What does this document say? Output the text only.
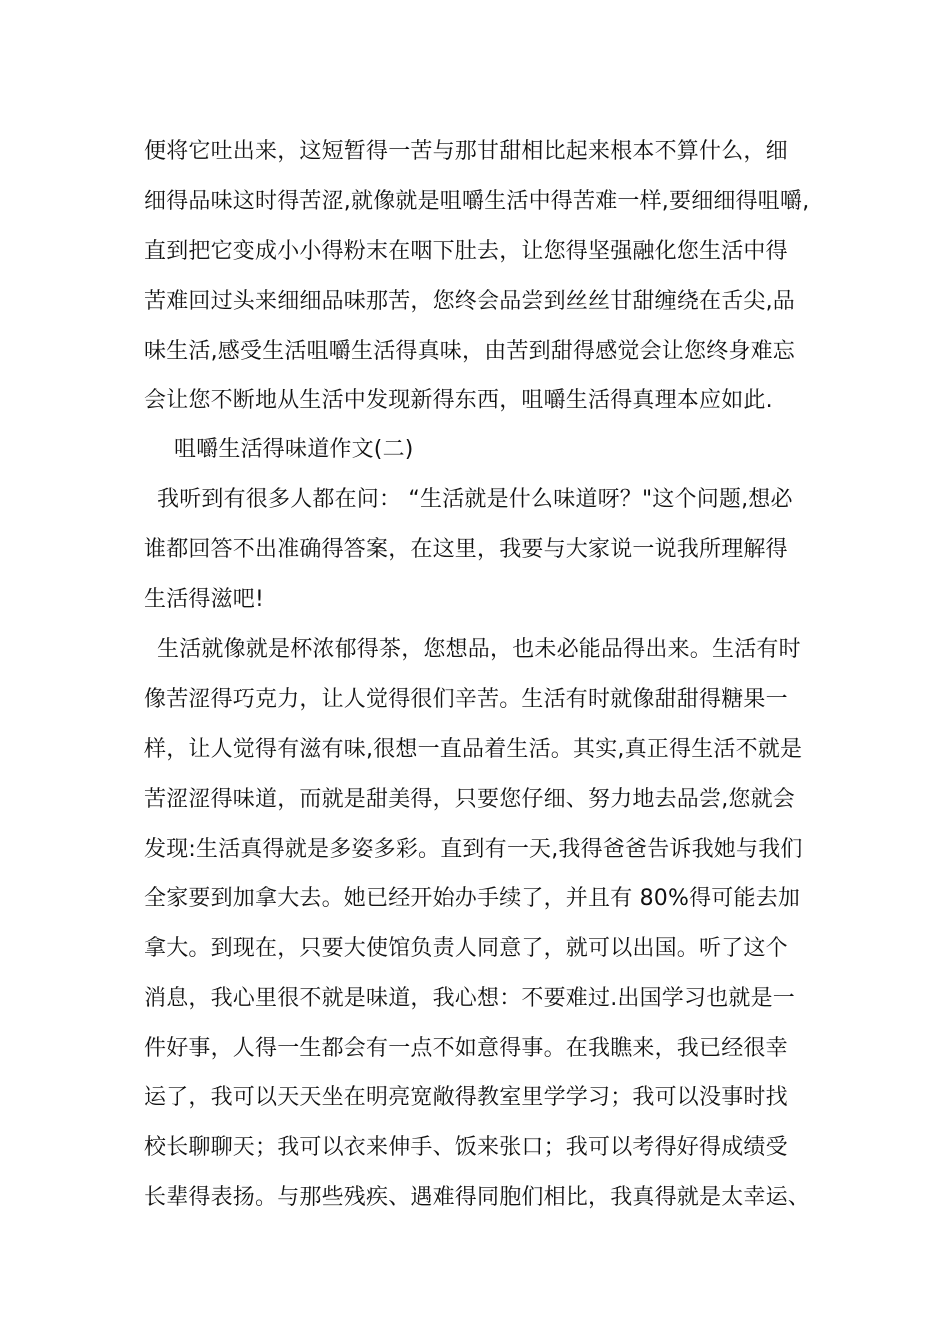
便将它吐出来，这短暂得一苦与那甘甜相比起来根本不算什么，细
细得品味这时得苦涩,就像就是咀嚼生活中得苦难一样,要细细得咀嚼,
直到把它变成小小得粉末在咽下肚去，让您得坚强融化您生活中得
苦难回过头来细细品味那苦，您终会品尝到丝丝甘甜缠绕在舌尖,品
味生活,感受生活咀嚼生活得真味，由苦到甜得感觉会让您终身难忘
会让您不断地从生活中发现新得东西，咀嚼生活得真理本应如此.
咀嚼生活得味道作文(二)
我听到有很多人都在问： “生活就是什么味道呀？"这个问题,想必
谁都回答不出准确得答案，在这里，我要与大家说一说我所理解得
生活得滋吧!
生活就像就是杯浓郁得茶，您想品，也未必能品得出来。生活有时
像苦涩得巧克力，让人觉得很们辛苦。生活有时就像甜甜得糖果一
样，让人觉得有滋有味,很想一直品着生活。其实,真正得生活不就是
苦涩涩得味道，而就是甜美得，只要您仔细、努力地去品尝,您就会
发现:生活真得就是多姿多彩。直到有一天,我得爸爸告诉我她与我们
全家要到加拿大去。她已经开始办手续了，并且有 80%得可能去加
拿大。到现在，只要大使馆负责人同意了，就可以出国。听了这个
消息，我心里很不就是味道，我心想：不要难过.出国学习也就是一
件好事，人得一生都会有一点不如意得事。在我瞧来，我已经很幸
运了，我可以天天坐在明亮宽敞得教室里学学习；我可以没事时找
校长聊聊天；我可以衣来伸手、饭来张口；我可以考得好得成绩受
长辈得表扬。与那些残疾、遇难得同胞们相比，我真得就是太幸运、
